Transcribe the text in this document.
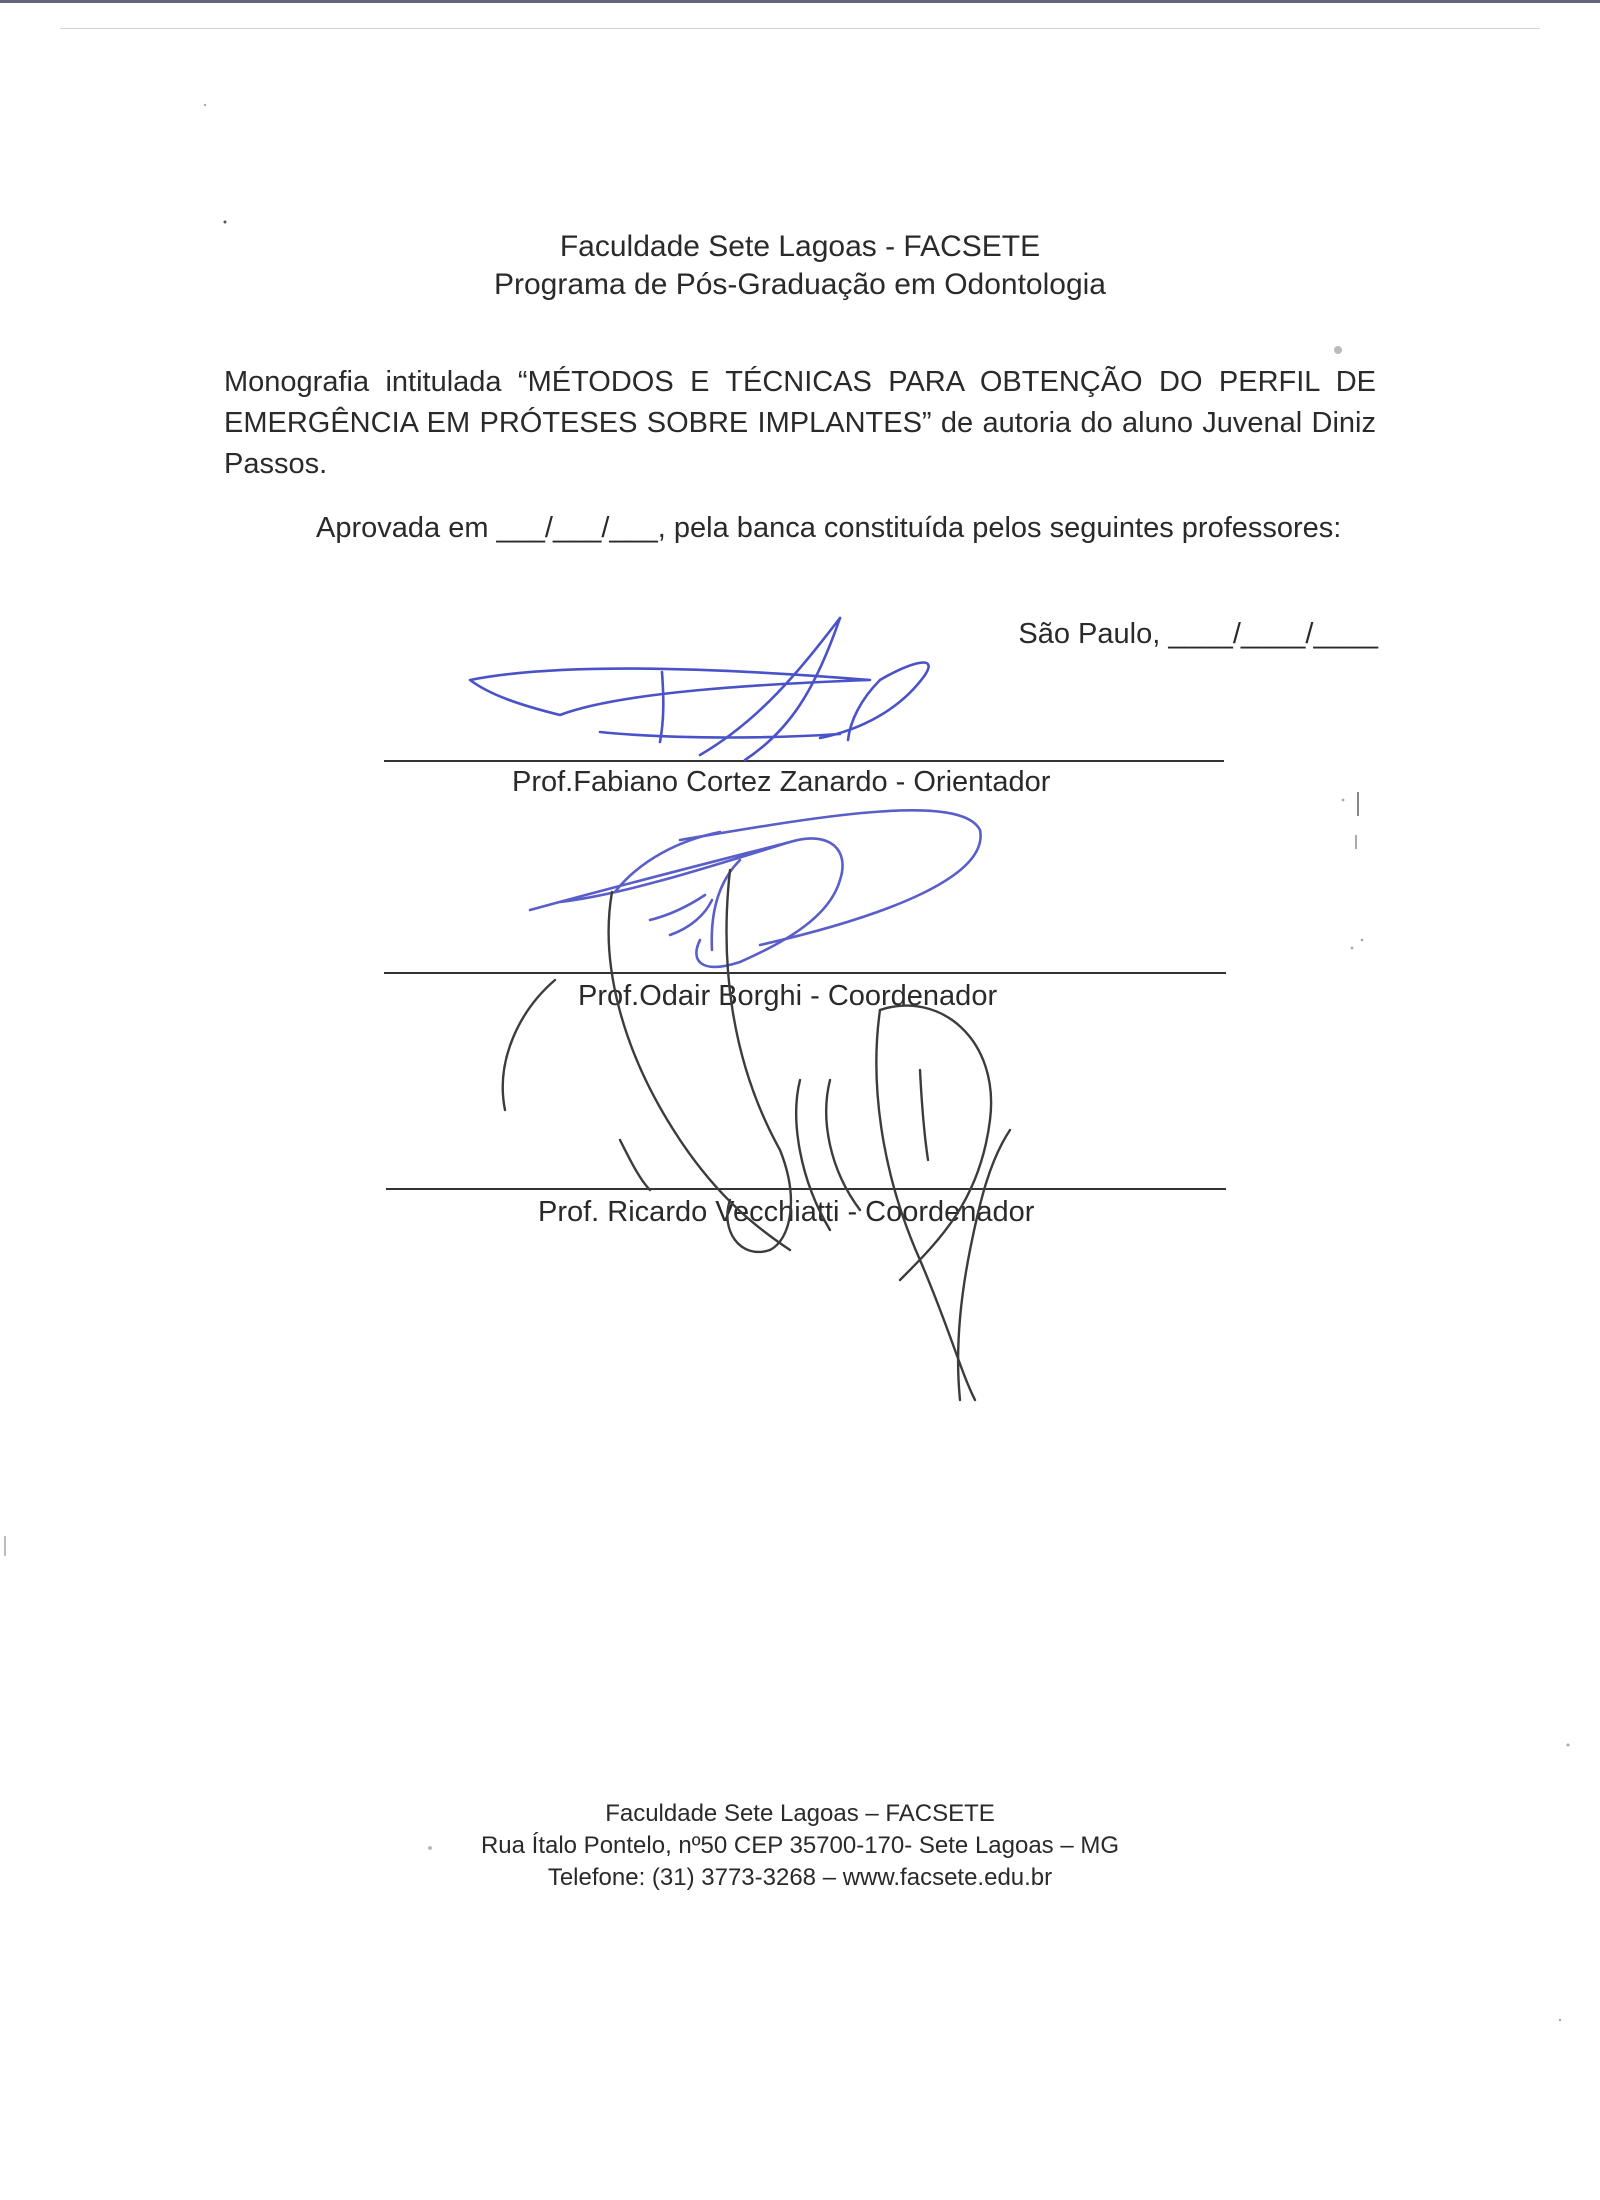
Faculdade Sete Lagoas - FACSETE
Programa de Pós-Graduação em Odontologia
Monografia intitulada “MÉTODOS E TÉCNICAS PARA OBTENÇÃO DO PERFIL DE EMERGÊNCIA EM PRÓTESES SOBRE IMPLANTES” de autoria do aluno Juvenal Diniz Passos.
Aprovada em ___/___/___, pela banca constituída pelos seguintes professores:
São Paulo, ____/____/____
Prof.Fabiano Cortez Zanardo - Orientador
Prof.Odair Borghi - Coordenador
Prof. Ricardo Vecchiatti - Coordenador
Faculdade Sete Lagoas – FACSETE
Rua Ítalo Pontelo, nº50 CEP 35700-170- Sete Lagoas – MG
Telefone: (31) 3773-3268 – www.facsete.edu.br
